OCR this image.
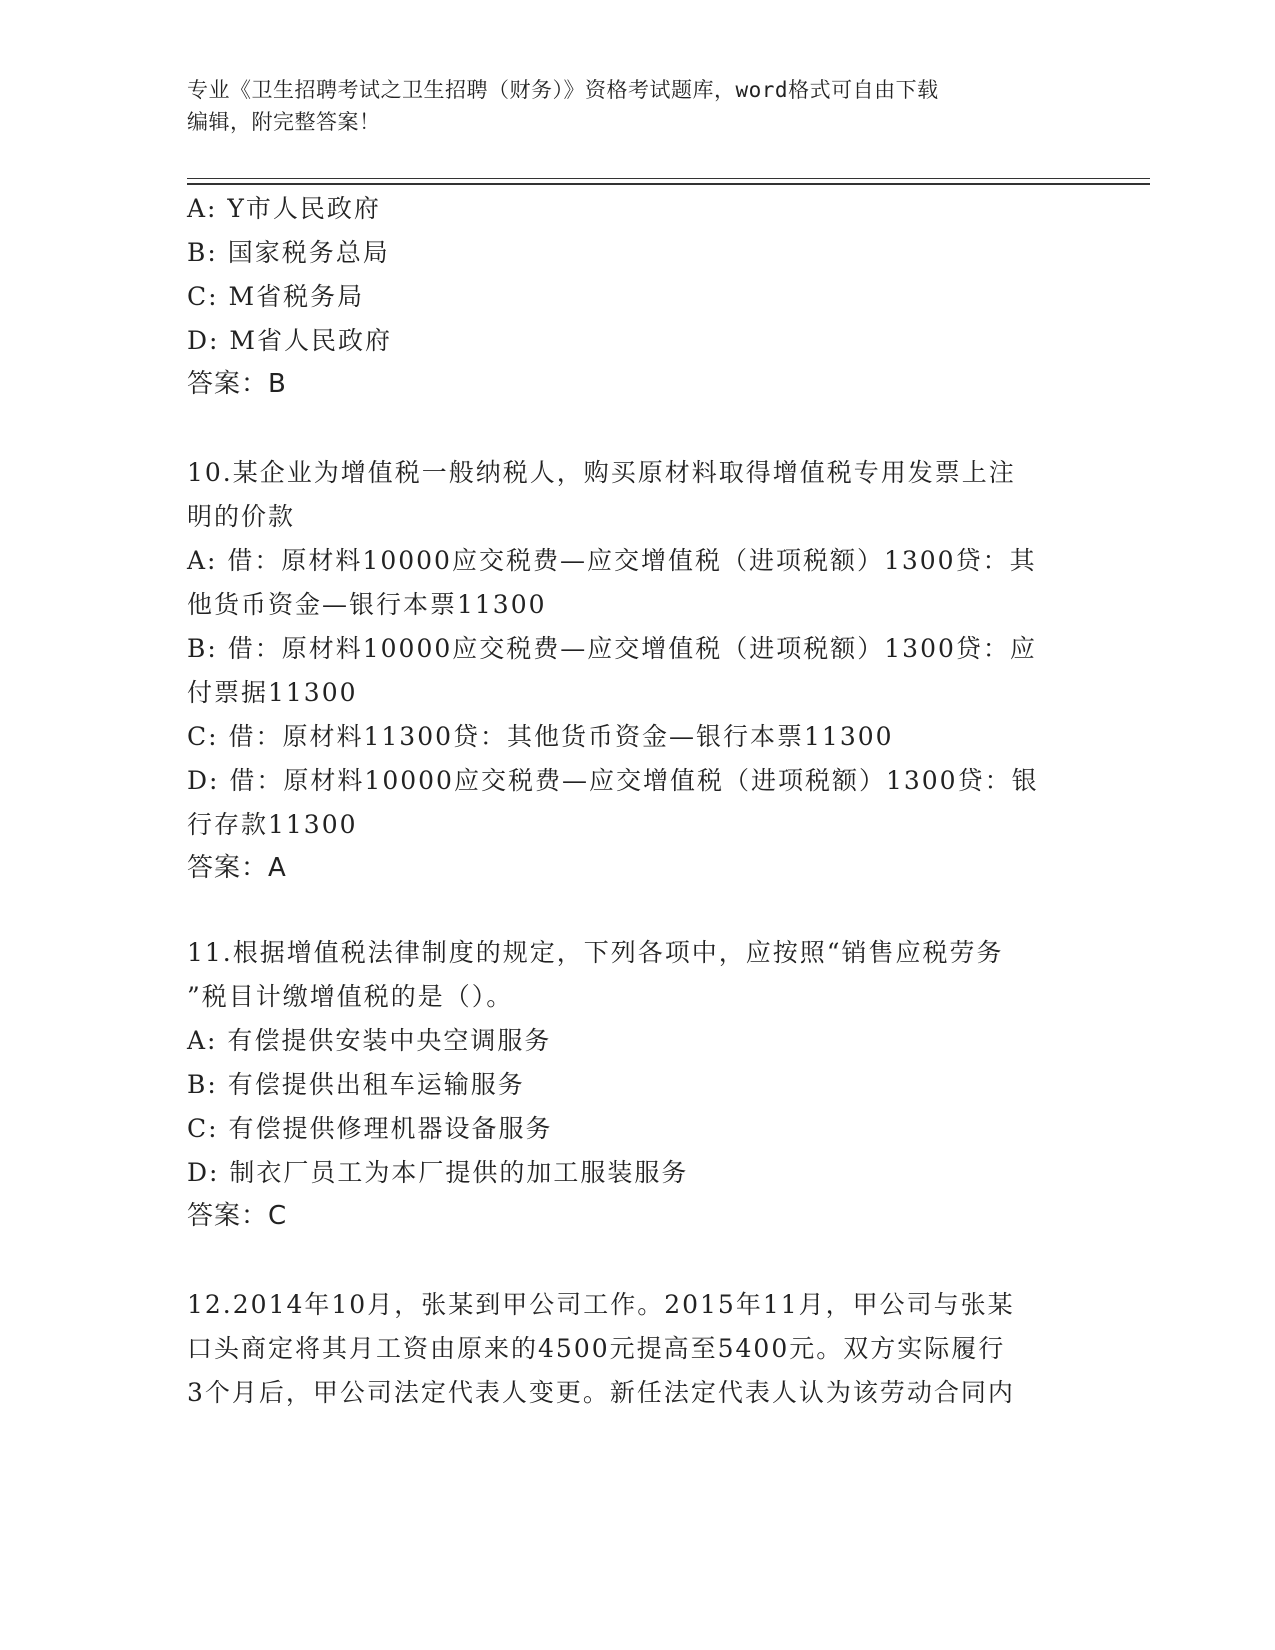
专业《卫生招聘考试之卫生招聘（财务）》资格考试题库，word格式可自由下载
编辑，附完整答案！
A: Y市人民政府
B: 国家税务总局
C: M省税务局
D: M省人民政府
答案：B
10.某企业为增值税一般纳税人，购买原材料取得增值税专用发票上注
明的价款
A: 借：原材料10000应交税费—应交增值税（进项税额）1300贷：其
他货币资金—银行本票11300
B: 借：原材料10000应交税费—应交增值税（进项税额）1300贷：应
付票据11300
C: 借：原材料11300贷：其他货币资金—银行本票11300
D: 借：原材料10000应交税费—应交增值税（进项税额）1300贷：银
行存款11300
答案：A
11.根据增值税法律制度的规定，下列各项中，应按照“销售应税劳务
”税目计缴增值税的是（）。
A: 有偿提供安装中央空调服务
B: 有偿提供出租车运输服务
C: 有偿提供修理机器设备服务
D: 制衣厂员工为本厂提供的加工服装服务
答案：C
12.2014年10月，张某到甲公司工作。2015年11月，甲公司与张某
口头商定将其月工资由原来的4500元提高至5400元。双方实际履行
3个月后，甲公司法定代表人变更。新任法定代表人认为该劳动合同内
